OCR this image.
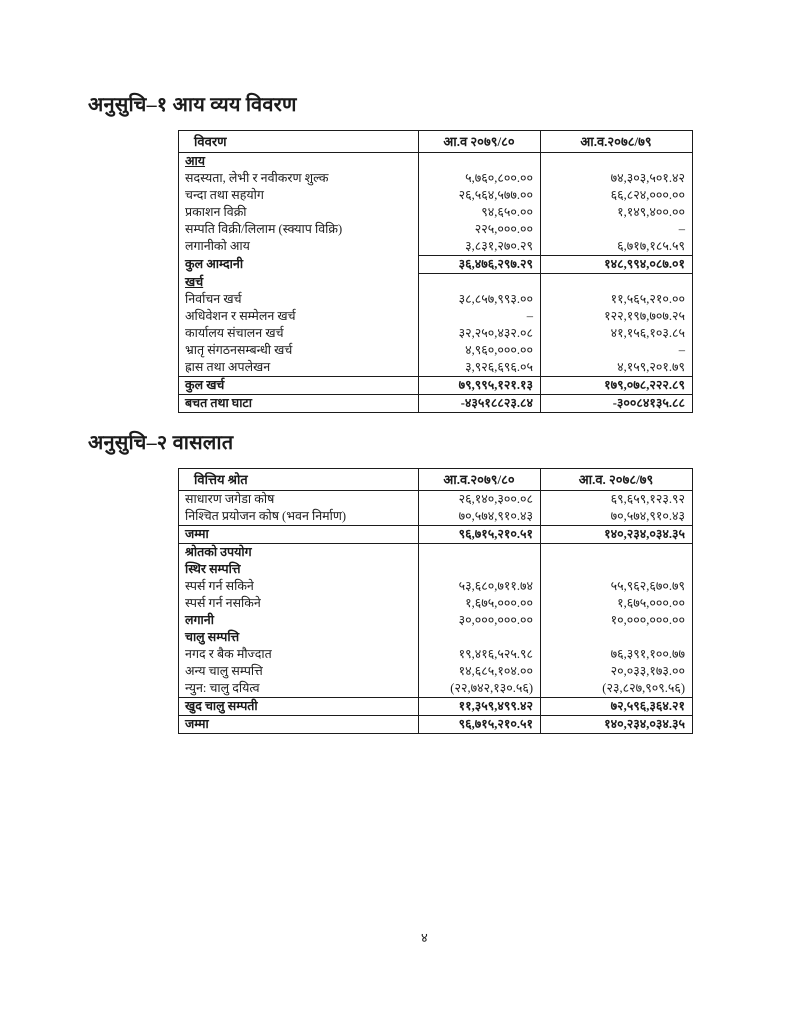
अनुसुचि–१ आय व्यय विवरण
विवरण	आ.व २०७९/८०	आ.व.२०७८/७९
आय		
सदस्यता, लेभी र नवीकरण शुल्क	५,७६०,८००.००	७४,३०३,५०१.४२
चन्दा तथा सहयोग	२६,५६४,५७७.००	६६,८२४,०००.००
प्रकाशन विक्री	९४,६५०.००	१,१४९,४००.००
सम्पति विक्री/लिलाम (स्क्याप विक्रि)	२२५,०००.००	–
लगानीको आय	३,८३१,२७०.२९	६,७१७,१८५.५९
कुल आम्दानी	३६,४७६,२९७.२९	१४८,९९४,०८७.०१
खर्च		
निर्वाचन खर्च	३८,८५७,९९३.००	११,५६५,२१०.००
अधिवेशन र सम्मेलन खर्च	–	१२२,१९७,७०७.२५
कार्यालय संचालन खर्च	३२,२५०,४३२.०८	४१,१५६,१०३.८५
भ्रातृ संगठनसम्बन्धी खर्च	४,९६०,०००.००	–
ह्रास तथा अपलेखन	३,९२६,६९६.०५	४,१५९,२०१.७९
कुल खर्च	७९,९९५,१२१.१३	१७९,०७८,२२२.८९
बचत तथा घाटा	-४३५१८८२३.८४	-३००८४१३५.८८
अनुसुचि–२ वासलात
वित्तिय श्रोत	आ.व.२०७९/८०	आ.व. २०७८/७९
साधारण जगेडा कोष	२६,१४०,३००.०८	६९,६५९,१२३.९२
निश्चित प्रयोजन कोष (भवन निर्माण)	७०,५७४,९१०.४३	७०,५७४,९१०.४३
जम्मा	९६,७१५,२१०.५१	१४०,२३४,०३४.३५
श्रोतको उपयोग		
स्थिर सम्पत्ति		
स्पर्स गर्न सकिने	५३,६८०,७११.७४	५५,९६२,६७०.७९
स्पर्स गर्न नसकिने	१,६७५,०००.००	१,६७५,०००.००
लगानी	३०,०००,०००.००	१०,०००,०००.००
चालु सम्पत्ति		
नगद र बैक मौज्दात	१९,४१६,५२५.९८	७६,३९१,१००.७७
अन्य चालु सम्पत्ति	१४,६८५,१०४.००	२०,०३३,१७३.००
न्युन: चालु दयित्व	(२२,७४२,१३०.५६)	(२३,८२७,९०९.५६)
खुद चालु सम्पती	११,३५९,४९९.४२	७२,५९६,३६४.२१
जम्मा	९६,७१५,२१०.५१	१४०,२३४,०३४.३५
४
